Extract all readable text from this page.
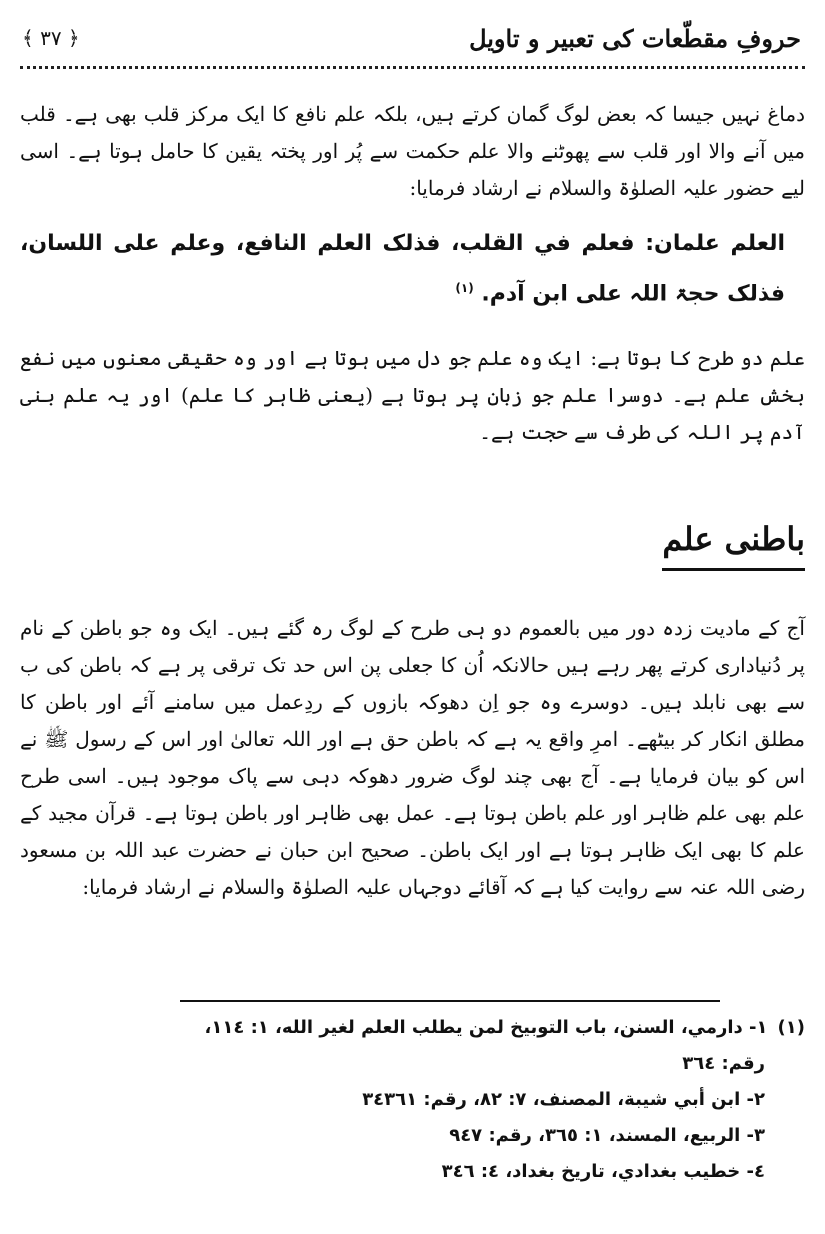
حروفِ مقطّعات کی تعبیر و تاویل
﴾ ٣٧ ﴿

دماغ نہیں جیسا کہ بعض لوگ گمان کرتے ہیں، بلکہ علم نافع کا ایک مرکز قلب بھی ہے۔ قلب میں آنے والا اور قلب سے پھوٹنے والا علم حکمت سے پُر اور پختہ یقین کا حامل ہوتا ہے۔ اسی لیے حضور علیہ الصلوٰۃ والسلام نے ارشاد فرمایا:

العلم علمان: فعلم في القلب، فذلک العلم النافع، وعلم علی اللسان، فذلک حجۃ اللہ علی ابن آدم. $^{(١)}$

علم دو طرح کا ہوتا ہے: ایک وہ علم جو دل میں ہوتا ہے اور وہ حقیقی معنوں میں نفع بخش علم ہے۔ دوسرا علم جو زبان پر ہوتا ہے (یعنی ظاہر کا علم) اور یہ علم بنی آدم پر اللہ کی طرف سے حجت ہے۔

باطنی علم

آج کے مادیت زدہ دور میں بالعموم دو ہی طرح کے لوگ رہ گئے ہیں۔ ایک وہ جو باطن کے نام پر دُنیاداری کرتے پھر رہے ہیں حالانکہ اُن کا جعلی پن اس حد تک ترقی پر ہے کہ باطن کی ب سے بھی نابلد ہیں۔ دوسرے وہ جو اِن دھوکہ بازوں کے ردِعمل میں سامنے آئے اور باطن کا مطلق انکار کر بیٹھے۔ امرِ واقع یہ ہے کہ باطن حق ہے اور اللہ تعالیٰ اور اس کے رسول ﷺ نے اس کو بیان فرمایا ہے۔ آج بھی چند لوگ ضرور دھوکہ دہی سے پاک موجود ہیں۔ اسی طرح علم بھی علم ظاہر اور علم باطن ہوتا ہے۔ عمل بھی ظاہر اور باطن ہوتا ہے۔ قرآن مجید کے علم کا بھی ایک ظاہر ہوتا ہے اور ایک باطن۔ صحیح ابن حبان نے حضرت عبد اللہ بن مسعود رضی اللہ عنہ سے روایت کیا ہے کہ آقائے دوجہاں علیہ الصلوٰۃ والسلام نے ارشاد فرمایا:

(١)١- دارمي، السنن، باب التوبيخ لمن يطلب العلم لغير الله، ١: ١١٤،
رقم: ٣٦٤
٢- ابن أبي شيبة، المصنف، ٧: ٨٢، رقم: ٣٤٣٦١
٣- الربيع، المسند، ١: ٣٦٥، رقم: ٩٤٧
٤- خطيب بغدادي، تاريخ بغداد، ٤: ٣٤٦
